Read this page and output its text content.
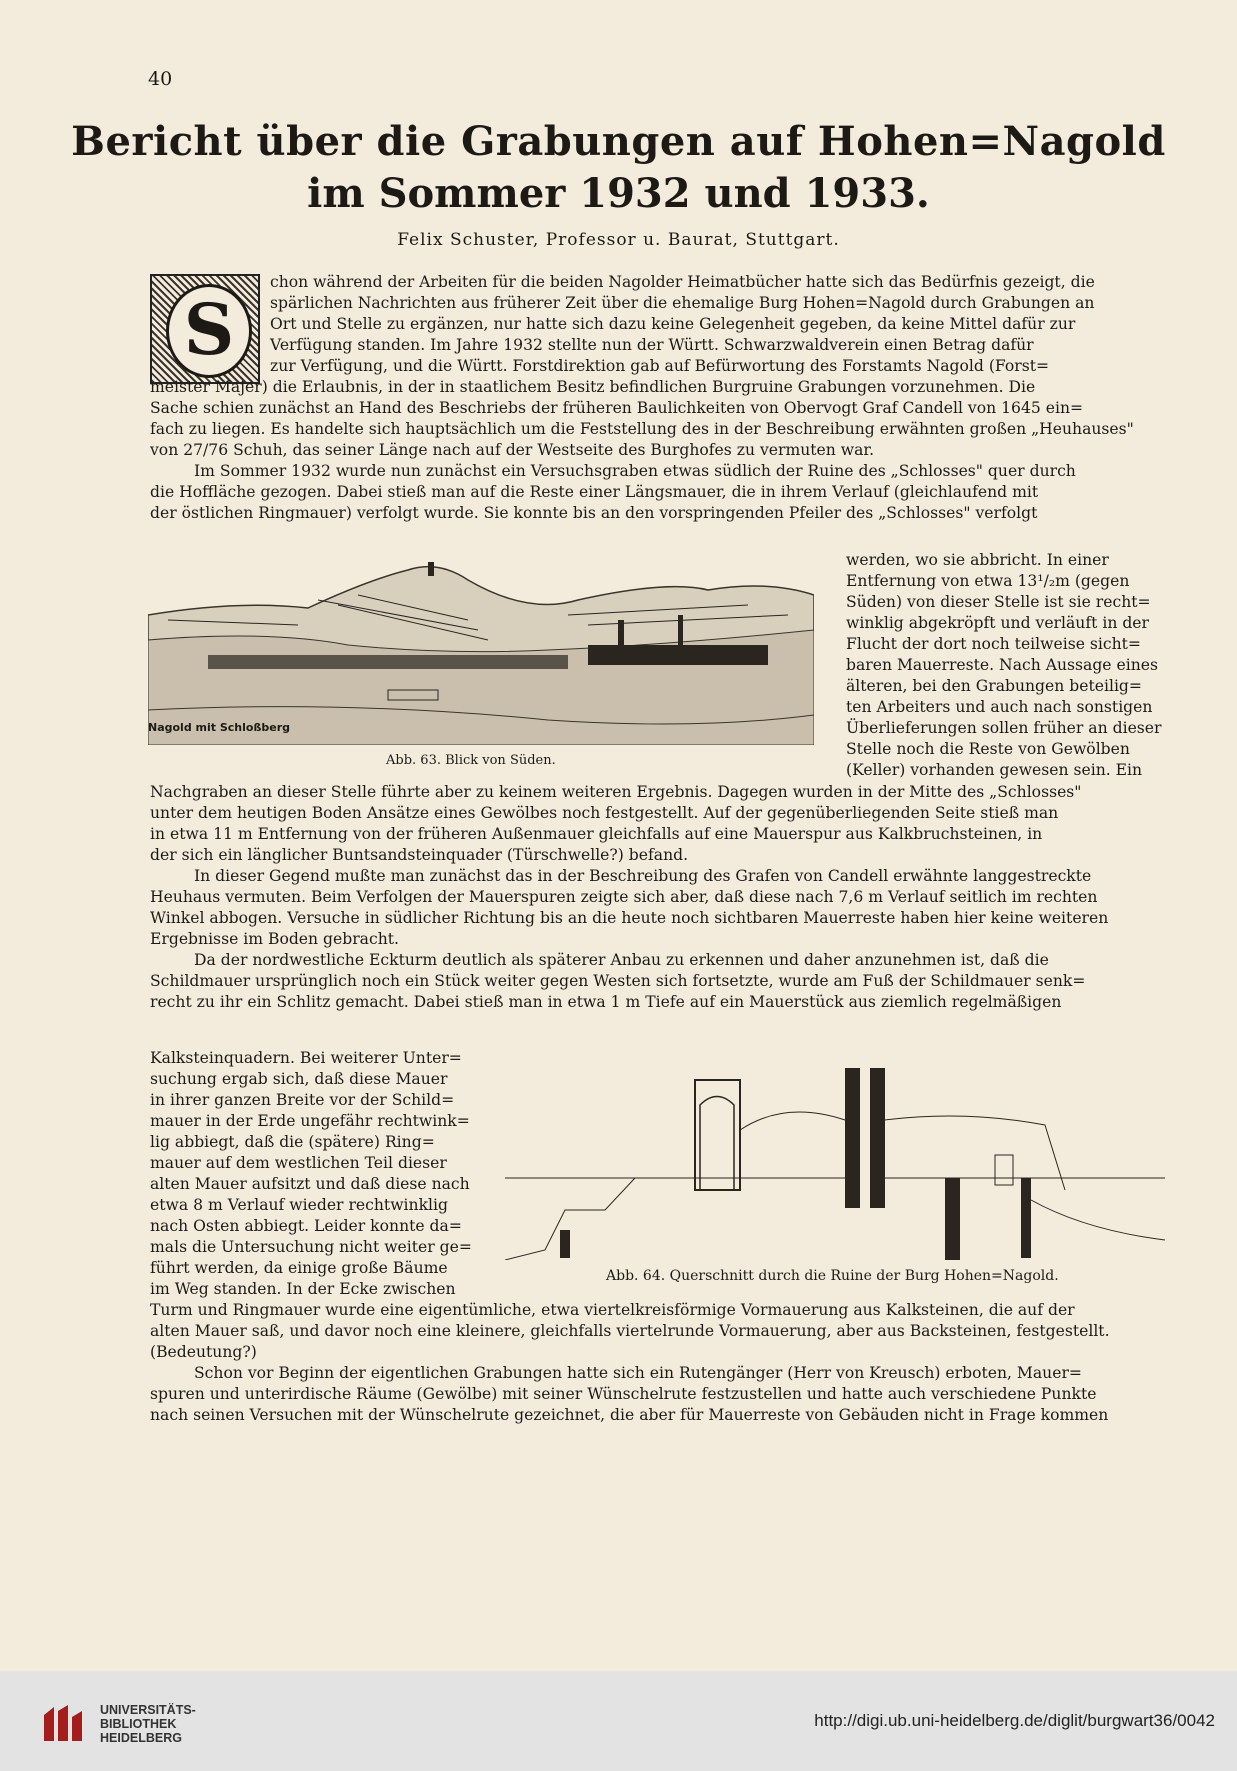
40
Bericht über die Grabungen auf Hohen=Nagold
im Sommer 1932 und 1933.
Felix Schuster, Professor u. Baurat, Stuttgart.
S
chon während der Arbeiten für die beiden Nagolder Heimatbücher hatte sich das Bedürfnis gezeigt, die
spärlichen Nachrichten aus früherer Zeit über die ehemalige Burg Hohen=Nagold durch Grabungen an
Ort und Stelle zu ergänzen, nur hatte sich dazu keine Gelegenheit gegeben, da keine Mittel dafür zur
Verfügung standen. Im Jahre 1932 stellte nun der Württ. Schwarzwaldverein einen Betrag dafür
zur Verfügung, und die Württ. Forstdirektion gab auf Befürwortung des Forstamts Nagold (Forst=
meister Majer) die Erlaubnis, in der in staatlichem Besitz befindlichen Burgruine Grabungen vorzunehmen. Die
Sache schien zunächst an Hand des Beschriebs der früheren Baulichkeiten von Obervogt Graf Candell von 1645 ein=
fach zu liegen. Es handelte sich hauptsächlich um die Feststellung des in der Beschreibung erwähnten großen „Heuhauses"
von 27/76 Schuh, das seiner Länge nach auf der Westseite des Burghofes zu vermuten war.
Im Sommer 1932 wurde nun zunächst ein Versuchsgraben etwas südlich der Ruine des „Schlosses" quer durch
die Hoffläche gezogen. Dabei stieß man auf die Reste einer Längsmauer, die in ihrem Verlauf (gleichlaufend mit
der östlichen Ringmauer) verfolgt wurde. Sie konnte bis an den vorspringenden Pfeiler des „Schlosses" verfolgt
Nagold mit Schloßberg
Abb. 63. Blick von Süden.
werden, wo sie abbricht. In einer
Entfernung von etwa 13¹/₂m (gegen
Süden) von dieser Stelle ist sie recht=
winklig abgekröpft und verläuft in der
Flucht der dort noch teilweise sicht=
baren Mauerreste. Nach Aussage eines
älteren, bei den Grabungen beteilig=
ten Arbeiters und auch nach sonstigen
Überlieferungen sollen früher an dieser
Stelle noch die Reste von Gewölben
(Keller) vorhanden gewesen sein. Ein
Nachgraben an dieser Stelle führte aber zu keinem weiteren Ergebnis. Dagegen wurden in der Mitte des „Schlosses"
unter dem heutigen Boden Ansätze eines Gewölbes noch festgestellt. Auf der gegenüberliegenden Seite stieß man
in etwa 11 m Entfernung von der früheren Außenmauer gleichfalls auf eine Mauerspur aus Kalkbruchsteinen, in
der sich ein länglicher Buntsandsteinquader (Türschwelle?) befand.
In dieser Gegend mußte man zunächst das in der Beschreibung des Grafen von Candell erwähnte langgestreckte
Heuhaus vermuten. Beim Verfolgen der Mauerspuren zeigte sich aber, daß diese nach 7,6 m Verlauf seitlich im rechten
Winkel abbogen. Versuche in südlicher Richtung bis an die heute noch sichtbaren Mauerreste haben hier keine weiteren
Ergebnisse im Boden gebracht.
Da der nordwestliche Eckturm deutlich als späterer Anbau zu erkennen und daher anzunehmen ist, daß die
Schildmauer ursprünglich noch ein Stück weiter gegen Westen sich fortsetzte, wurde am Fuß der Schildmauer senk=
recht zu ihr ein Schlitz gemacht. Dabei stieß man in etwa 1 m Tiefe auf ein Mauerstück aus ziemlich regelmäßigen
Kalksteinquadern. Bei weiterer Unter=
suchung ergab sich, daß diese Mauer
in ihrer ganzen Breite vor der Schild=
mauer in der Erde ungefähr rechtwink=
lig abbiegt, daß die (spätere) Ring=
mauer auf dem westlichen Teil dieser
alten Mauer aufsitzt und daß diese nach
etwa 8 m Verlauf wieder rechtwinklig
nach Osten abbiegt. Leider konnte da=
mals die Untersuchung nicht weiter ge=
führt werden, da einige große Bäume
im Weg standen. In der Ecke zwischen
Abb. 64. Querschnitt durch die Ruine der Burg Hohen=Nagold.
Turm und Ringmauer wurde eine eigentümliche, etwa viertelkreisförmige Vormauerung aus Kalksteinen, die auf der
alten Mauer saß, und davor noch eine kleinere, gleichfalls viertelrunde Vormauerung, aber aus Backsteinen, festgestellt.
(Bedeutung?)
Schon vor Beginn der eigentlichen Grabungen hatte sich ein Rutengänger (Herr von Kreusch) erboten, Mauer=
spuren und unterirdische Räume (Gewölbe) mit seiner Wünschelrute festzustellen und hatte auch verschiedene Punkte
nach seinen Versuchen mit der Wünschelrute gezeichnet, die aber für Mauerreste von Gebäuden nicht in Frage kommen
UNIVERSITÄTS-
BIBLIOTHEK
HEIDELBERG
http://digi.ub.uni-heidelberg.de/diglit/burgwart36/0042
